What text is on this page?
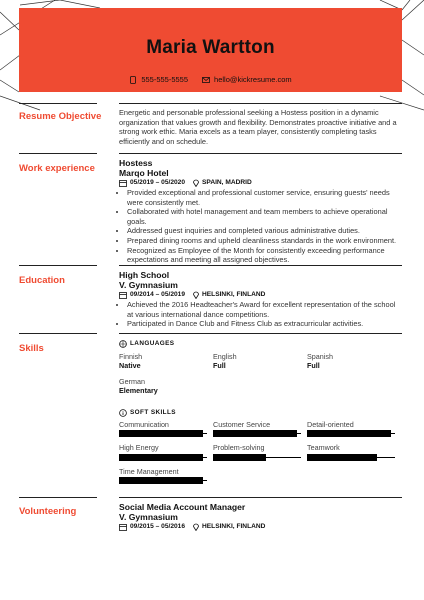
Maria Wartton
555-555-5555	hello@kickresume.com
Resume Objective Energetic and personable professional seeking a Hostess position in a dynamic organization that values growth and flexibility. Demonstrates proactive initiative and a strong work ethic. Maria excels as a team player, consistently completing tasks efficiently and on schedule.
Work experience	Hostess
Marqo Hotel
05/2019 – 05/2020	SPAIN, MADRID
• Provided exceptional and professional customer service, ensuring guests' needs were consistently met.
• Collaborated with hotel management and team members to achieve operational goals.
• Addressed guest inquiries and completed various administrative duties.
• Prepared dining rooms and upheld cleanliness standards in the work environment.
• Recognized as Employee of the Month for consistently exceeding performance expectations and meeting all assigned objectives.
Education	High School
V. Gymnasium
09/2014 – 05/2019	HELSINKI, FINLAND
• Achieved the 2016 Headteacher's Award for excellent representation of the school at various international dance competitions.
• Participated in Dance Club and Fitness Club as extracurricular activities.
Skills	LANGUAGES
Finnish
Native
English
Full
Spanish
Full
German
Elementary
SOFT SKILLS
Communication	Customer Service	Detail-oriented
High Energy	Problem-solving	Teamwork
Time Management
Volunteering	Social Media Account Manager
V. Gymnasium
09/2015 – 05/2016	HELSINKI, FINLAND
